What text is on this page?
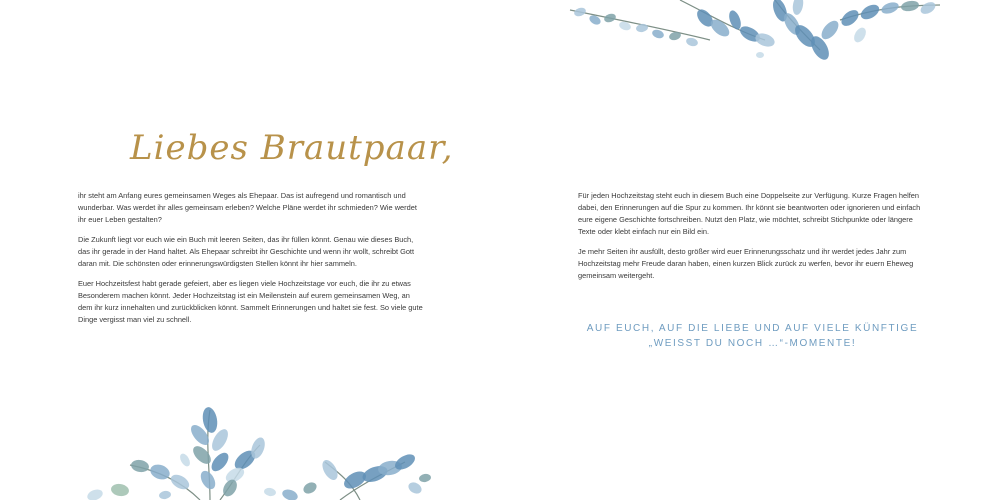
Liebes Brautpaar,

ihr steht am Anfang eures gemeinsamen Weges als Ehepaar. Das ist aufregend und romantisch und wunderbar. Was werdet ihr alles gemeinsam erleben? Welche Pläne werdet ihr schmieden? Wie werdet ihr euer Leben gestalten?

Die Zukunft liegt vor euch wie ein Buch mit leeren Seiten, das ihr füllen könnt. Genau wie dieses Buch, das ihr gerade in der Hand haltet. Als Ehepaar schreibt ihr Geschichte und wenn ihr wollt, schreibt Gott daran mit. Die schönsten oder erinnerungswürdigsten Stellen könnt ihr hier sammeln.

Euer Hochzeitsfest habt gerade gefeiert, aber es liegen viele Hochzeitstage vor euch, die ihr zu etwas Besonderem machen könnt. Jeder Hochzeitstag ist ein Meilenstein auf eurem gemeinsamen Weg, an dem ihr kurz innehalten und zurückblicken könnt. Sammelt Erinnerungen und haltet sie fest. So viele gute Dinge vergisst man viel zu schnell.

Für jeden Hochzeitstag steht euch in diesem Buch eine Doppelseite zur Verfügung. Kurze Fragen helfen dabei, den Erinnerungen auf die Spur zu kommen. Ihr könnt sie beantworten oder ignorieren und einfach eure eigene Geschichte fortschreiben. Nutzt den Platz, wie möchtet, schreibt Stichpunkte oder längere Texte oder klebt einfach nur ein Bild ein.

Je mehr Seiten ihr ausfüllt, desto größer wird euer Erinnerungsschatz und ihr werdet jedes Jahr zum Hochzeitstag mehr Freude daran haben, einen kurzen Blick zurück zu werfen, bevor ihr euern Eheweg gemeinsam weitergeht.

AUF EUCH, AUF DIE LIEBE UND AUF VIELE KÜNFTIGE
„WEISST DU NOCH …“-MOMENTE!
